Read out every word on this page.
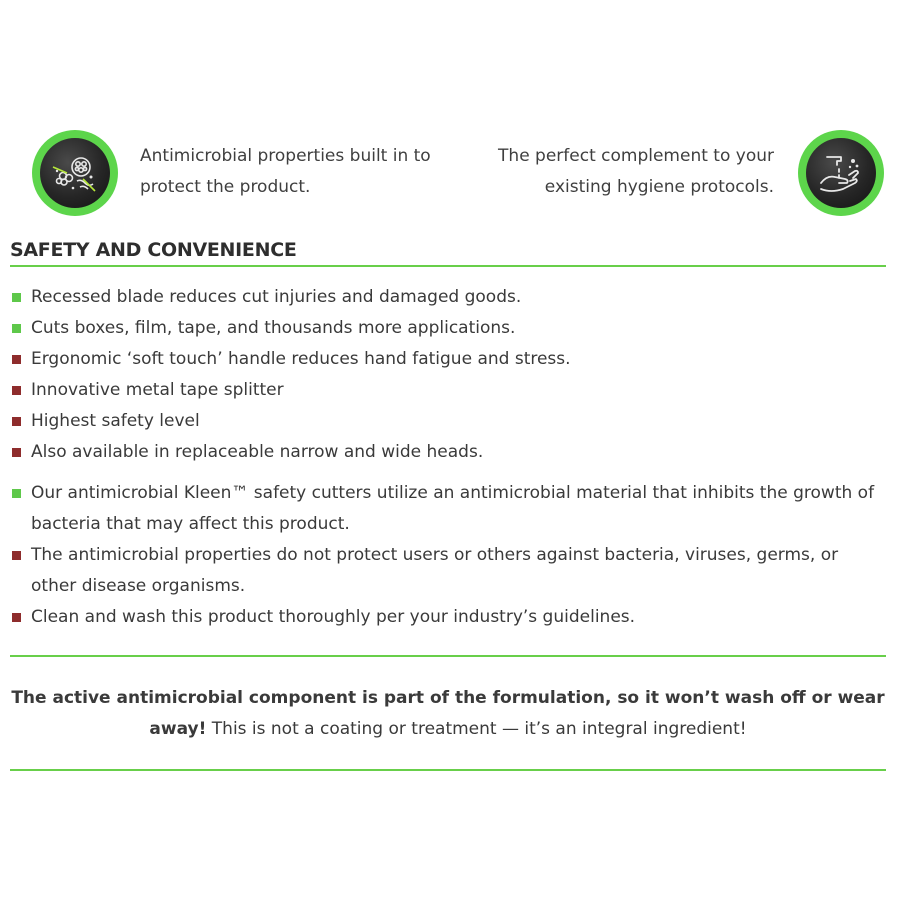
Antimicrobial properties built in to protect the product.
The perfect complement to your existing hygiene protocols.
SAFETY AND CONVENIENCE
Recessed blade reduces cut injuries and damaged goods.
Cuts boxes, film, tape, and thousands more applications.
Ergonomic ‘soft touch’ handle reduces hand fatigue and stress.
Innovative metal tape splitter
Highest safety level
Also available in replaceable narrow and wide heads.
Our antimicrobial Kleen™ safety cutters utilize an antimicrobial material that inhibits the growth of bacteria that may affect this product.
The antimicrobial properties do not protect users or others against bacteria, viruses, germs, or other disease organisms.
Clean and wash this product thoroughly per your industry’s guidelines.
The active antimicrobial component is part of the formulation, so it won’t wash off or wear away! This is not a coating or treatment — it’s an integral ingredient!
